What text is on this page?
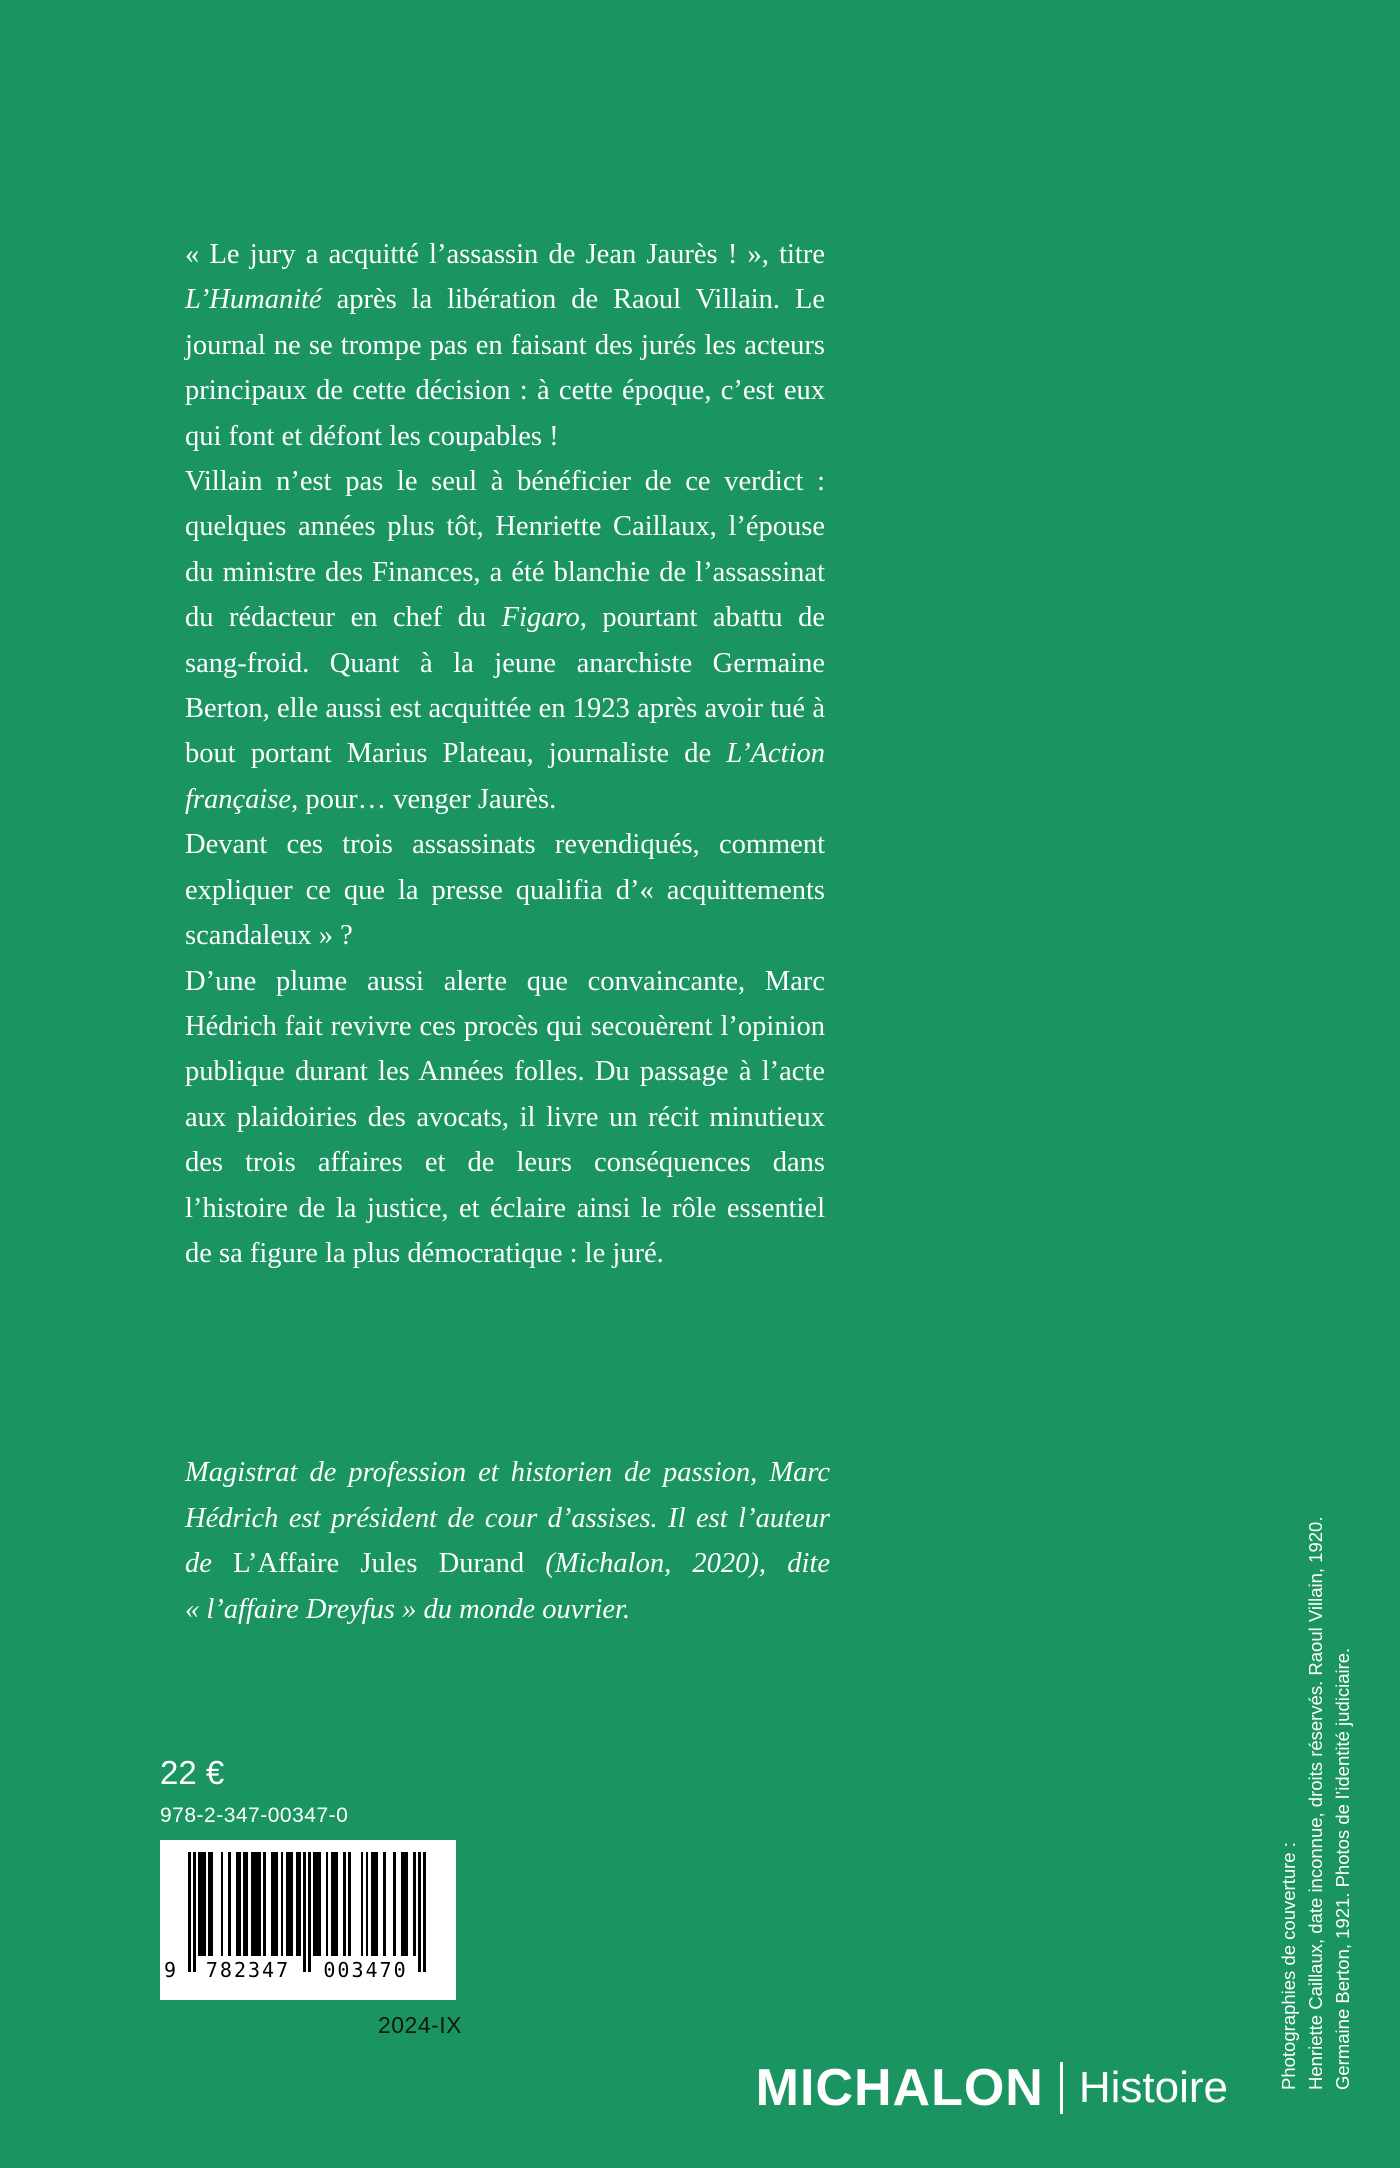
« Le jury a acquitté l’assassin de Jean Jaurès ! », titre L’Humanité après la libération de Raoul Villain. Le journal ne se trompe pas en faisant des jurés les acteurs principaux de cette décision : à cette époque, c’est eux qui font et défont les coupables !

Villain n’est pas le seul à bénéficier de ce verdict : quelques années plus tôt, Henriette Caillaux, l’épouse du ministre des Finances, a été blanchie de l’assassinat du rédacteur en chef du Figaro, pourtant abattu de sang-froid. Quant à la jeune anarchiste Germaine Berton, elle aussi est acquittée en 1923 après avoir tué à bout portant Marius Plateau, journaliste de L’Action française, pour… venger Jaurès.

Devant ces trois assassinats revendiqués, comment expliquer ce que la presse qualifia d’« acquittements scandaleux » ?

D’une plume aussi alerte que convaincante, Marc Hédrich fait revivre ces procès qui secouèrent l’opinion publique durant les Années folles. Du passage à l’acte aux plaidoiries des avocats, il livre un récit minutieux des trois affaires et de leurs conséquences dans l’histoire de la justice, et éclaire ainsi le rôle essentiel de sa figure la plus démocratique : le juré.

Magistrat de profession et historien de passion, Marc Hédrich est président de cour d’assises. Il est l’auteur de L’Affaire Jules Durand (Michalon, 2020), dite « l’affaire Dreyfus » du monde ouvrier.
22 €
978-2-347-00347-0
9	782347	003470
2024-IX
MICHALON Histoire	Photographies de couverture : Henriette Caillaux, date inconnue, droits réservés. Raoul Villain, 1920. Germaine Berton, 1921. Photos de l’identité judiciaire.
